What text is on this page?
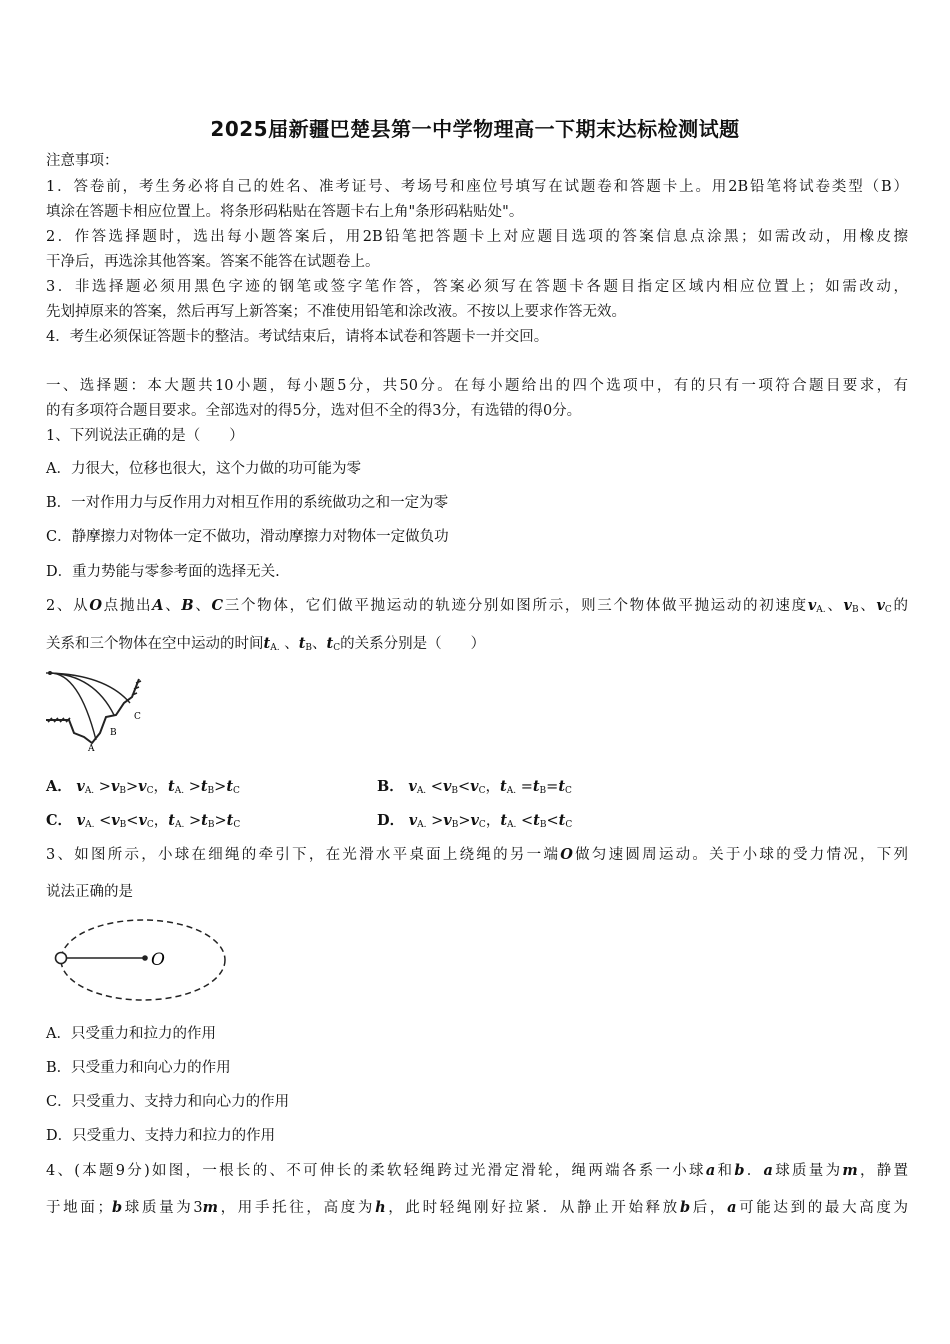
2025届新疆巴楚县第一中学物理高一下期末达标检测试题
注意事项：
1．答卷前，考生务必将自己的姓名、准考证号、考场号和座位号填写在试题卷和答题卡上。用2B铅笔将试卷类型（B）
填涂在答题卡相应位置上。将条形码粘贴在答题卡右上角"条形码粘贴处"。
2．作答选择题时，选出每小题答案后，用2B铅笔把答题卡上对应题目选项的答案信息点涂黑；如需改动，用橡皮擦
干净后，再选涂其他答案。答案不能答在试题卷上。
3．非选择题必须用黑色字迹的钢笔或签字笔作答，答案必须写在答题卡各题目指定区域内相应位置上；如需改动，
先划掉原来的答案，然后再写上新答案；不准使用铅笔和涂改液。不按以上要求作答无效。
4．考生必须保证答题卡的整洁。考试结束后，请将本试卷和答题卡一并交回。
一、选择题：本大题共10小题，每小题5分，共50分。在每小题给出的四个选项中，有的只有一项符合题目要求，有
的有多项符合题目要求。全部选对的得5分，选对但不全的得3分，有选错的得0分。
1、下列说法正确的是（　　）
A．力很大，位移也很大，这个力做的功可能为零
B．一对作用力与反作用力对相互作用的系统做功之和一定为零
C．静摩擦力对物体一定不做功，滑动摩擦力对物体一定做负功
D．重力势能与零参考面的选择无关.
2、从O点抛出A、B、C三个物体，它们做平抛运动的轨迹分别如图所示，则三个物体做平抛运动的初速度$v_{A.}$、$v_B$、$v_C$的
关系和三个物体在空中运动的时间$t_{A.}$ 、$t_B$、$t_C$的关系分别是（　　）
A
B
C
A． $v_{A.} >v_B>v_C$，$t_{A.} >t_B>t_C$	B． $v_{A.} <v_B<v_C$，$t_{A.} =t_B=t_C$
C． $v_{A.} <v_B<v_C$，$t_{A.} >t_B>t_C$	D． $v_{A.} >v_B>v_C$，$t_{A.} <t_B<t_C$
3、如图所示，小球在细绳的牵引下，在光滑水平桌面上绕绳的另一端O做匀速圆周运动。关于小球的受力情况，下列
说法正确的是
O
A．只受重力和拉力的作用
B．只受重力和向心力的作用
C．只受重力、支持力和向心力的作用
D．只受重力、支持力和拉力的作用
4、(本题9分)如图，一根长的、不可伸长的柔软轻绳跨过光滑定滑轮，绳两端各系一小球a和b．a球质量为m，静置
于地面；b球质量为3m，用手托往，高度为h，此时轻绳刚好拉紧．从静止开始释放b后，a可能达到的最大高度为
